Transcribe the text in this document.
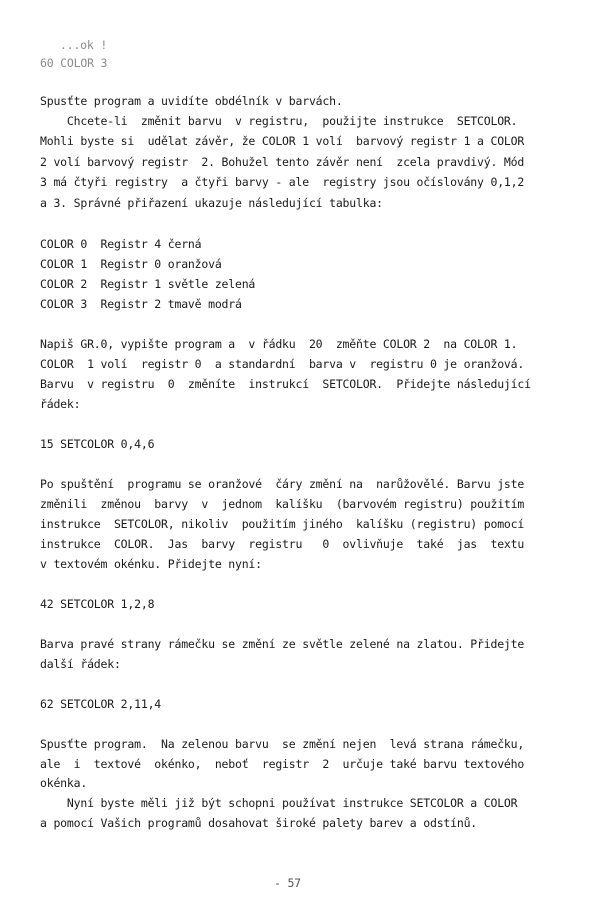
...ok !
60 COLOR 3
Spusťte program a uvidíte obdélník v barvách.
Chcete-li  změnit barvu  v registru,  použijte instrukce  SETCOLOR.
Mohli byste si  udělat závěr, že COLOR 1 volí  barvový registr 1 a COLOR
2 volí barvový registr  2. Bohužel tento závěr není  zcela pravdivý. Mód
3 má čtyři registry  a čtyři barvy - ale  registry jsou očíslovány 0,1,2
a 3. Správné přiřazení ukazuje následující tabulka:
COLOR 0  Registr 4 černá
COLOR 1  Registr 0 oranžová
COLOR 2  Registr 1 světle zelená
COLOR 3  Registr 2 tmavě modrá
Napiš GR.0, vypište program a  v řádku  20  změňte COLOR 2  na COLOR 1.
COLOR  1 volí  registr 0  a standardní  barva v  registru 0 je oranžová.
Barvu  v registru  0  změníte  instrukcí  SETCOLOR.  Přidejte následující
řádek:
15 SETCOLOR 0,4,6
Po spuštění  programu se oranžové  čáry změní na  narůžovělé. Barvu jste
změnili  změnou  barvy  v  jednom  kalíšku  (barvovém registru) použitím
instrukce  SETCOLOR, nikoliv  použitím jiného  kalíšku (registru) pomocí
instrukce  COLOR.  Jas  barvy  registru   0  ovlivňuje  také  jas  textu
v textovém okénku. Přidejte nyní:
42 SETCOLOR 1,2,8
Barva pravé strany rámečku se změní ze světle zelené na zlatou. Přidejte
další řádek:
62 SETCOLOR 2,11,4
Spusťte program.  Na zelenou barvu  se změní nejen  levá strana rámečku,
ale  i  textové  okénko,  neboť  registr  2  určuje také barvu textového
okénka.
Nyní byste měli již být schopni používat instrukce SETCOLOR a COLOR
a pomocí Vašich programů dosahovat široké palety barev a odstínů.
- 57
